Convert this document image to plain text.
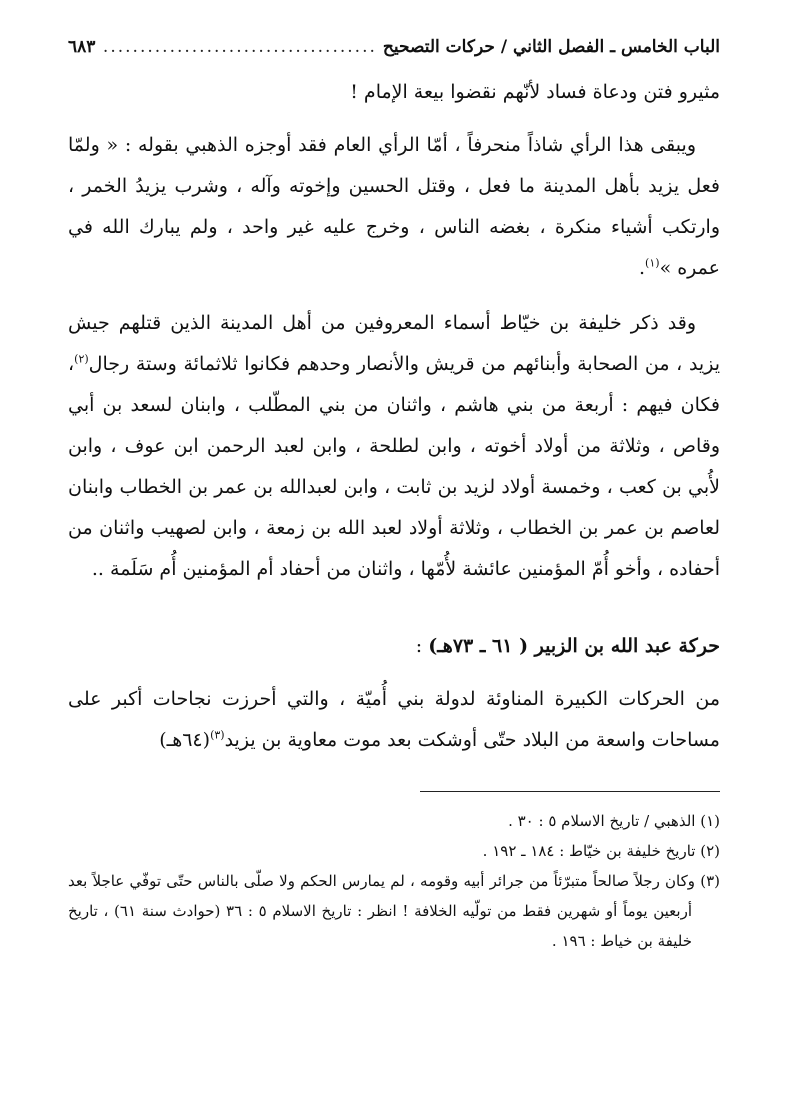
الباب الخامس ـ الفصل الثاني
/
حركات التصحيح
.....
٦٨٣

مثيرو فتن ودعاة فساد لأنّهم نقضوا بيعة الإمام !

ويبقى هذا الرأي شاذاً منحرفاً ، أمّا الرأي العام فقد أوجزه الذهبي بقوله : « ولمّا فعل يزيد بأهل المدينة ما فعل ، وقتل الحسين وإخوته وآله ، وشرب يزيدُ الخمر ، وارتكب أشياء منكرة ، بغضه الناس ، وخرج عليه غير واحد ، ولم يبارك الله في عمره »$^{(١)}$.

وقد ذكر خليفة بن خيّاط أسماء المعروفين من أهل المدينة الذين قتلهم جيش يزيد ، من الصحابة وأبنائهم من قريش والأنصار وحدهم فكانوا ثلاثمائة وستة رجال$^{(٢)}$، فكان فيهم : أربعة من بني هاشم ، واثنان من بني المطّلب ، وابنان لسعد بن أبي وقاص ، وثلاثة من أولاد أخوته ، وابن لطلحة ، وابن لعبد الرحمن ابن عوف ، وابن لأُبي بن كعب ، وخمسة أولاد لزيد بن ثابت ، وابن لعبدالله بن عمر بن الخطاب وابنان لعاصم بن عمر بن الخطاب ، وثلاثة أولاد لعبد الله بن زمعة ، وابن لصهيب واثنان من أحفاده ، وأخو أُمّ المؤمنين عائشة لأُمّها ، واثنان من أحفاد أم المؤمنين أُم سَلَمة ..

حركة عبد الله بن الزبير ( ٦١ ـ ٧٣هـ) :

من الحركات الكبيرة المناوئة لدولة بني أُميّة ، والتي أحرزت نجاحات أكبر على مساحات واسعة من البلاد حتّى أوشكت بعد موت معاوية بن يزيد$^{(٣)}$(٦٤هـ)

(١) الذهبي / تاريخ الاسلام ٥ : ٣٠ .

(٢) تاريخ خليفة بن خيّاط : ١٨٤ ـ ١٩٢ .

(٣) وكان رجلاً صالحاً متبرّئاً من جرائر أبيه وقومه ، لم يمارس الحكم ولا صلّى بالناس حتّى توفّي عاجلاً بعد أربعين يوماً أو شهرين فقط من تولّيه الخلافة ! انظر : تاريخ الاسلام ٥ : ٣٦ (حوادث سنة ٦١) ، تاريخ خليفة بن خياط : ١٩٦ .
